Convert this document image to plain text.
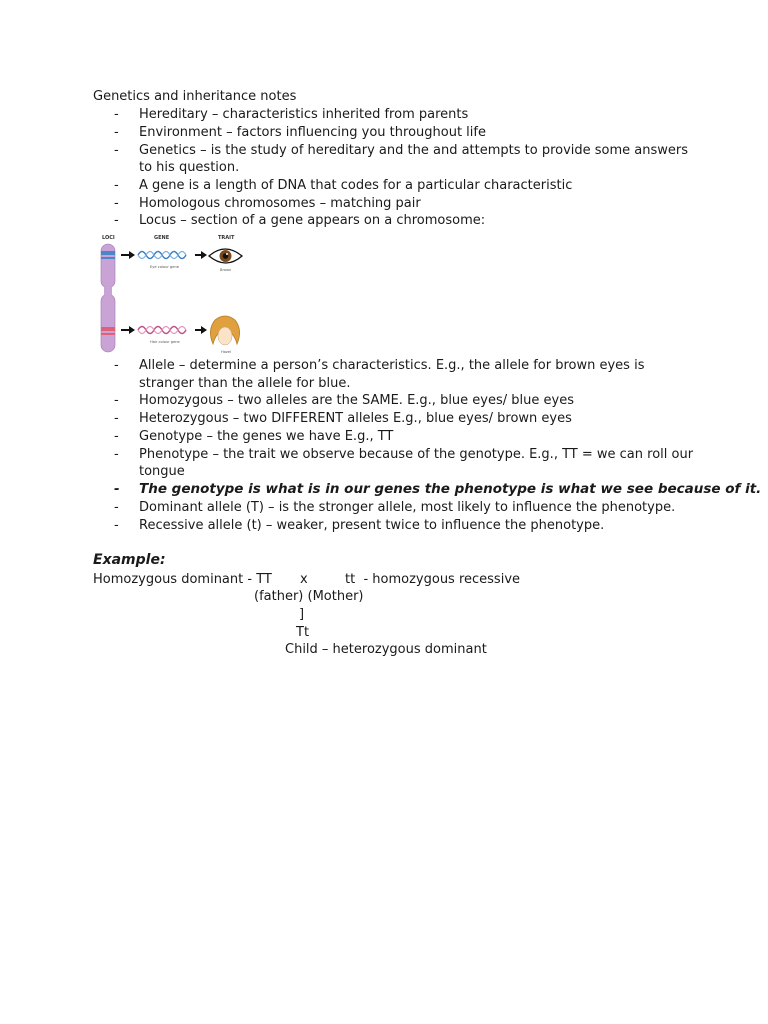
Genetics and inheritance notes
- Hereditary – characteristics inherited from parents
- Environment – factors influencing you throughout life
- Genetics – is the study of hereditary and the and attempts to provide some answers
to his question.
- A gene is a length of DNA that codes for a particular characteristic
- Homologous chromosomes – matching pair
- Locus – section of a gene appears on a chromosome:
LOCI	GENE	TRAIT
Eye colour gene
Brown
Hair colour gene
Hazel
- Allele – determine a person’s characteristics. E.g., the allele for brown eyes is
stranger than the allele for blue.
- Homozygous – two alleles are the SAME. E.g., blue eyes/ blue eyes
- Heterozygous – two DIFFERENT alleles E.g., blue eyes/ brown eyes
- Genotype – the genes we have E.g., TT
- Phenotype – the trait we observe because of the genotype. E.g., TT = we can roll our
tongue
- The genotype is what is in our genes the phenotype is what we see because of it.
- Dominant allele (T) – is the stronger allele, most likely to influence the phenotype.
- Recessive allele (t) – weaker, present twice to influence the phenotype.
Example:
Homozygous dominant - TT x	tt  - homozygous recessive
(father) (Mother)
]
Tt
Child – heterozygous dominant
